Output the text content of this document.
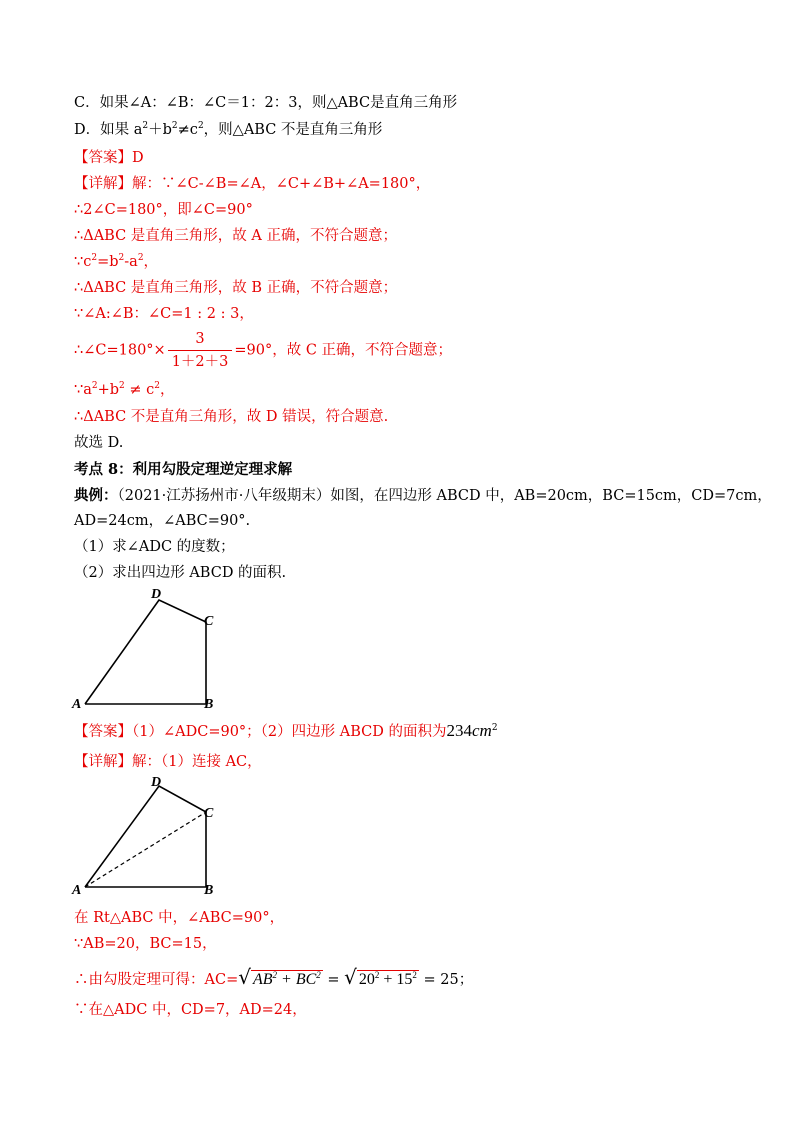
C．如果∠A：∠B：∠C＝1：2：3，则△ABC是直角三角形
D．如果 $a^2+b^2\ne c^2$，则△ABC 不是直角三角形
【答案】D
【详解】解：∵∠C-∠B=∠A，∠C+∠B+∠A=180°，
∴2∠C=180°，即∠C=90°
∴ΔABC 是直角三角形，故 A 正确，不符合题意；
$\because c^2=b^2-a^2$，
∴ΔABC 是直角三角形，故 B 正确，不符合题意；
∵∠A:∠B：∠C=1 : 2 : 3，
∴∠C=180°× $\frac{3}{1+2+3} =90^\circ$，故 C 正确，不符合题意；
$\because a^2+b^2 \ne c^2$，
∴ΔABC 不是直角三角形，故 D 错误，符合题意.
故选 D.
考点 8：利用勾股定理逆定理求解
典例：（2021·江苏扬州市·八年级期末）如图，在四边形 ABCD 中，AB=20cm，BC=15cm，CD=7cm，
AD=24cm，∠ABC=90°.
（1）求∠ADC 的度数；
（2）求出四边形 ABCD 的面积.
D
C
A	B
【答案】（1）∠ADC=90°；（2）四边形 ABCD 的面积为$234cm^2$
【详解】解：（1）连接 AC，
D
C
A	B
在 Rt△ABC 中，∠ABC=90°，
∵AB=20，BC=15，
∴由勾股定理可得：AC=√ $AB^2 + BC^2$ = √ $20^2 + 15^2 = 25$；
∵在△ADC 中，CD=7，AD=24，
